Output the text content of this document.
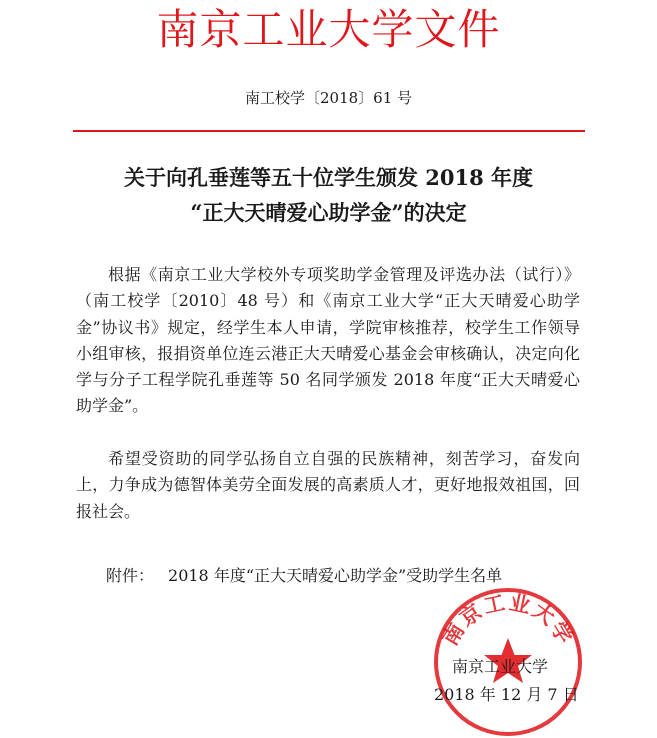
南京工业大学文件
南工校学〔2018〕61 号
关于向孔垂莲等五十位学生颁发 2018 年度
“正大天晴爱心助学金”的决定

根据《南京工业大学校外专项奖助学金管理及评选办法（试行）》（南工校学〔2010〕48 号）和《南京工业大学“正大天晴爱心助学金”协议书》规定，经学生本人申请，学院审核推荐，校学生工作领导小组审核，报捐资单位连云港正大天晴爱心基金会审核确认，决定向化学与分子工程学院孔垂莲等 50 名同学颁发 2018 年度“正大天晴爱心助学金”。

希望受资助的同学弘扬自立自强的民族精神，刻苦学习，奋发向上，力争成为德智体美劳全面发展的高素质人才，更好地报效祖国，回报社会。

附件： 2018 年度“正大天晴爱心助学金”受助学生名单
南京工业大学
南京工业大学
2018 年 12 月 7 日
